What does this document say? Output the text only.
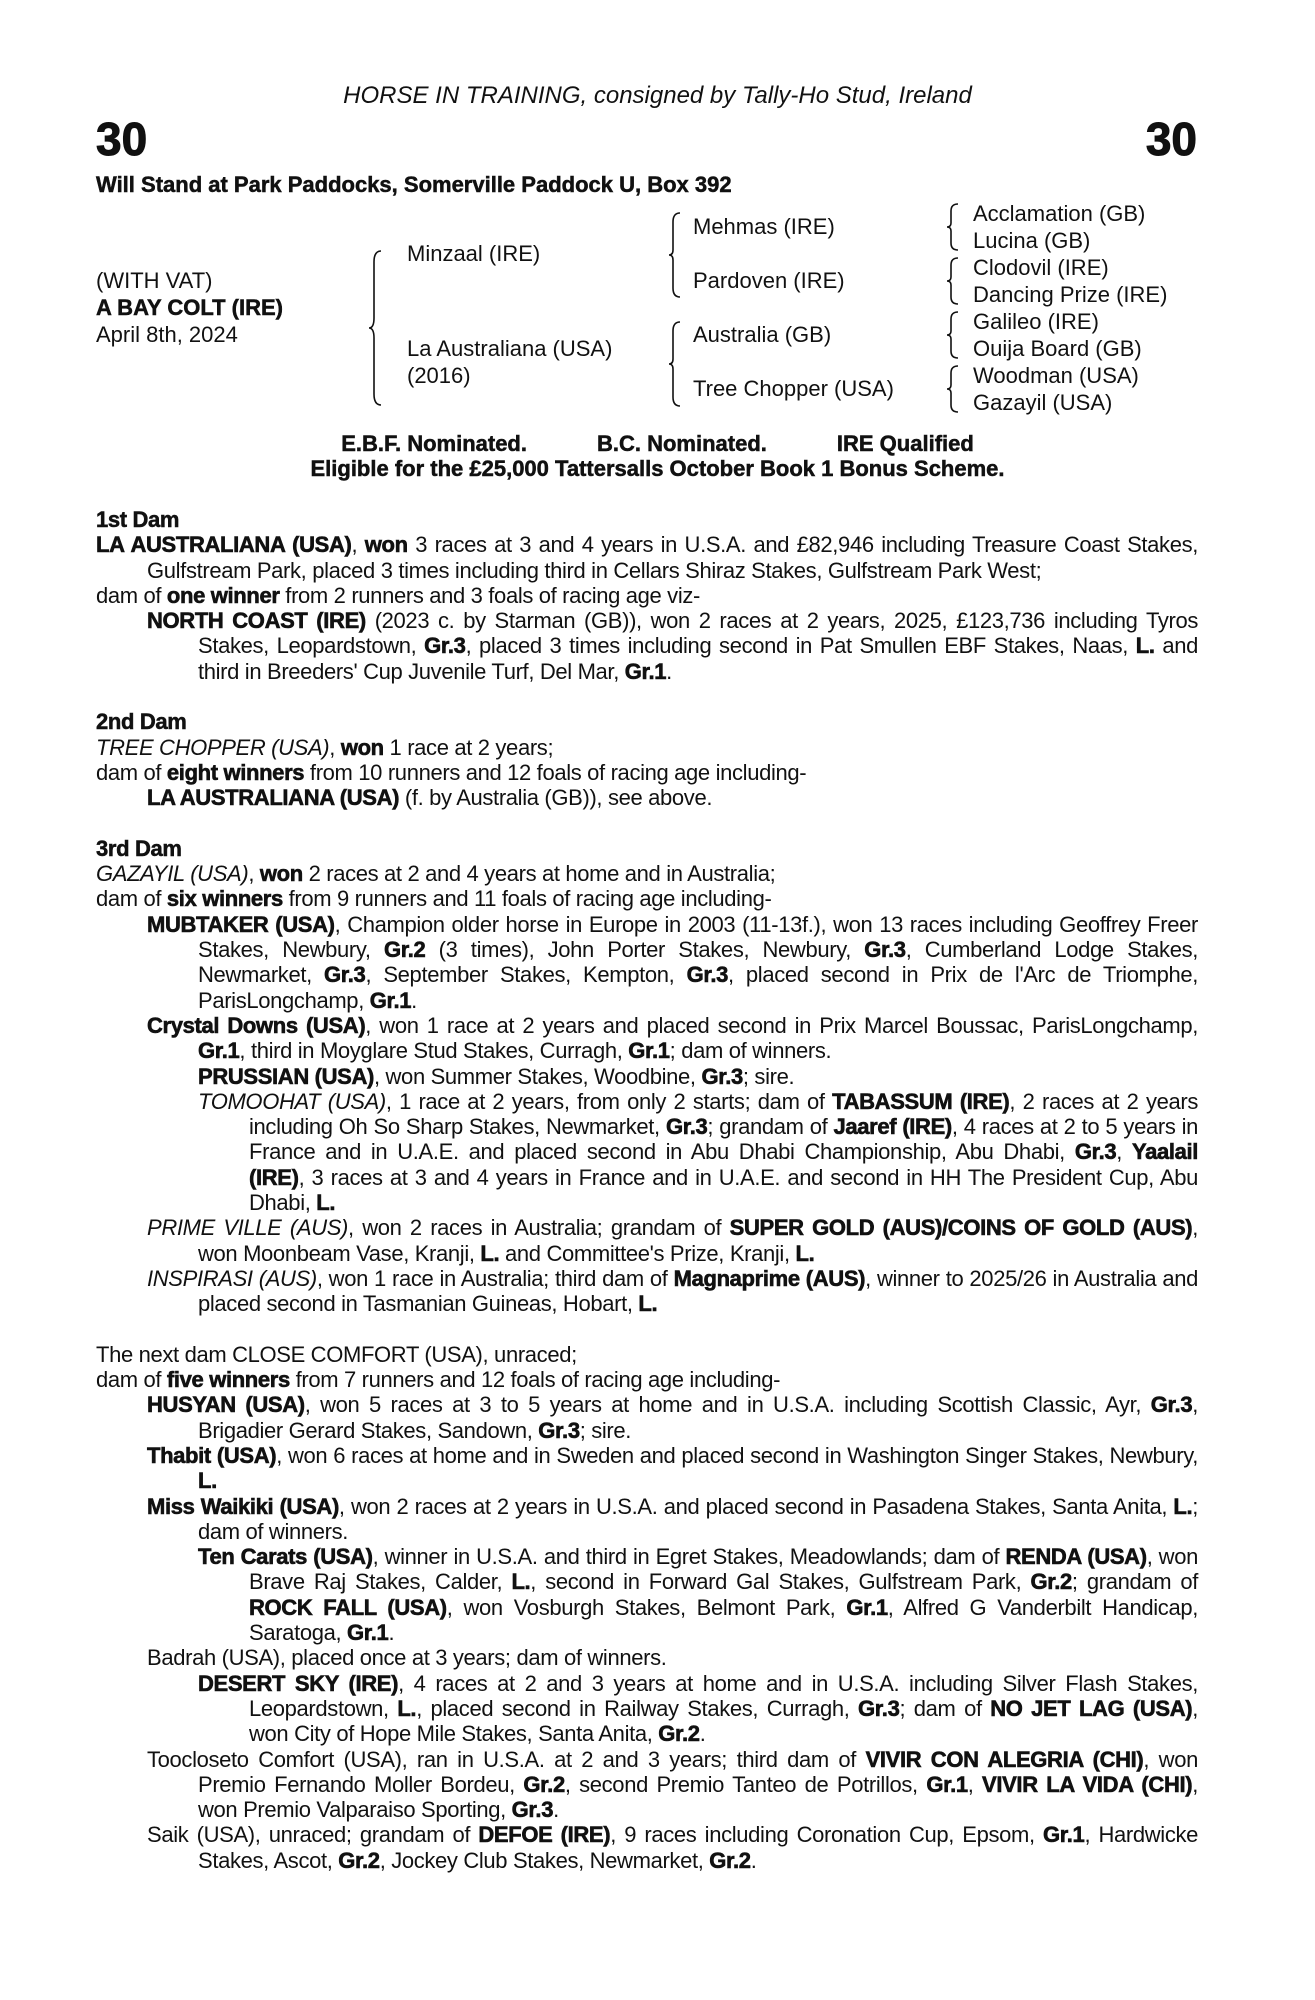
HORSE IN TRAINING, consigned by Tally-Ho Stud, Ireland
30	30
Will Stand at Park Paddocks, Somerville Paddock U, Box 392
(WITH VAT)
A BAY COLT (IRE)
April 8th, 2024
Minzaal (IRE)
La Australiana (USA)
(2016)
Mehmas (IRE)
Pardoven (IRE)
Australia (GB)
Tree Chopper (USA)
Acclamation (GB)
Lucina (GB)
Clodovil (IRE)
Dancing Prize (IRE)
Galileo (IRE)
Ouija Board (GB)
Woodman (USA)
Gazayil (USA)
E.B.F. Nominated.	B.C. Nominated.	IRE Qualified
Eligible for the £25,000 Tattersalls October Book 1 Bonus Scheme.
1st Dam
LA AUSTRALIANA (USA), won 3 races at 3 and 4 years in U.S.A. and £82,946 including Treasure Coast Stakes, Gulfstream Park, placed 3 times including third in Cellars Shiraz Stakes, Gulfstream Park West;
dam of one winner from 2 runners and 3 foals of racing age viz-
NORTH COAST (IRE) (2023 c. by Starman (GB)), won 2 races at 2 years, 2025, £123,736 including Tyros Stakes, Leopardstown, Gr.3, placed 3 times including second in Pat Smullen EBF Stakes, Naas, L. and third in Breeders' Cup Juvenile Turf, Del Mar, Gr.1.
2nd Dam
TREE CHOPPER (USA), won 1 race at 2 years;
dam of eight winners from 10 runners and 12 foals of racing age including-
LA AUSTRALIANA (USA) (f. by Australia (GB)), see above.
3rd Dam
GAZAYIL (USA), won 2 races at 2 and 4 years at home and in Australia;
dam of six winners from 9 runners and 11 foals of racing age including-
MUBTAKER (USA), Champion older horse in Europe in 2003 (11-13f.), won 13 races including Geoffrey Freer Stakes, Newbury, Gr.2 (3 times), John Porter Stakes, Newbury, Gr.3, Cumberland Lodge Stakes, Newmarket, Gr.3, September Stakes, Kempton, Gr.3, placed second in Prix de l'Arc de Triomphe, ParisLongchamp, Gr.1.
Crystal Downs (USA), won 1 race at 2 years and placed second in Prix Marcel Boussac, ParisLongchamp, Gr.1, third in Moyglare Stud Stakes, Curragh, Gr.1; dam of winners.
PRUSSIAN (USA), won Summer Stakes, Woodbine, Gr.3; sire.
TOMOOHAT (USA), 1 race at 2 years, from only 2 starts; dam of TABASSUM (IRE), 2 races at 2 years including Oh So Sharp Stakes, Newmarket, Gr.3; grandam of Jaaref (IRE), 4 races at 2 to 5 years in France and in U.A.E. and placed second in Abu Dhabi Championship, Abu Dhabi, Gr.3, Yaalail (IRE), 3 races at 3 and 4 years in France and in U.A.E. and second in HH The President Cup, Abu Dhabi, L.
PRIME VILLE (AUS), won 2 races in Australia; grandam of SUPER GOLD (AUS)/COINS OF GOLD (AUS), won Moonbeam Vase, Kranji, L. and Committee's Prize, Kranji, L.
INSPIRASI (AUS), won 1 race in Australia; third dam of Magnaprime (AUS), winner to 2025/26 in Australia and placed second in Tasmanian Guineas, Hobart, L.
The next dam CLOSE COMFORT (USA), unraced;
dam of five winners from 7 runners and 12 foals of racing age including-
HUSYAN (USA), won 5 races at 3 to 5 years at home and in U.S.A. including Scottish Classic, Ayr, Gr.3, Brigadier Gerard Stakes, Sandown, Gr.3; sire.
Thabit (USA), won 6 races at home and in Sweden and placed second in Washington Singer Stakes, Newbury, L.
Miss Waikiki (USA), won 2 races at 2 years in U.S.A. and placed second in Pasadena Stakes, Santa Anita, L.; dam of winners.
Ten Carats (USA), winner in U.S.A. and third in Egret Stakes, Meadowlands; dam of RENDA (USA), won Brave Raj Stakes, Calder, L., second in Forward Gal Stakes, Gulfstream Park, Gr.2; grandam of ROCK FALL (USA), won Vosburgh Stakes, Belmont Park, Gr.1, Alfred G Vanderbilt Handicap, Saratoga, Gr.1.
Badrah (USA), placed once at 3 years; dam of winners.
DESERT SKY (IRE), 4 races at 2 and 3 years at home and in U.S.A. including Silver Flash Stakes, Leopardstown, L., placed second in Railway Stakes, Curragh, Gr.3; dam of NO JET LAG (USA), won City of Hope Mile Stakes, Santa Anita, Gr.2.
Toocloseto Comfort (USA), ran in U.S.A. at 2 and 3 years; third dam of VIVIR CON ALEGRIA (CHI), won Premio Fernando Moller Bordeu, Gr.2, second Premio Tanteo de Potrillos, Gr.1, VIVIR LA VIDA (CHI), won Premio Valparaiso Sporting, Gr.3.
Saik (USA), unraced; grandam of DEFOE (IRE), 9 races including Coronation Cup, Epsom, Gr.1, Hardwicke Stakes, Ascot, Gr.2, Jockey Club Stakes, Newmarket, Gr.2.
